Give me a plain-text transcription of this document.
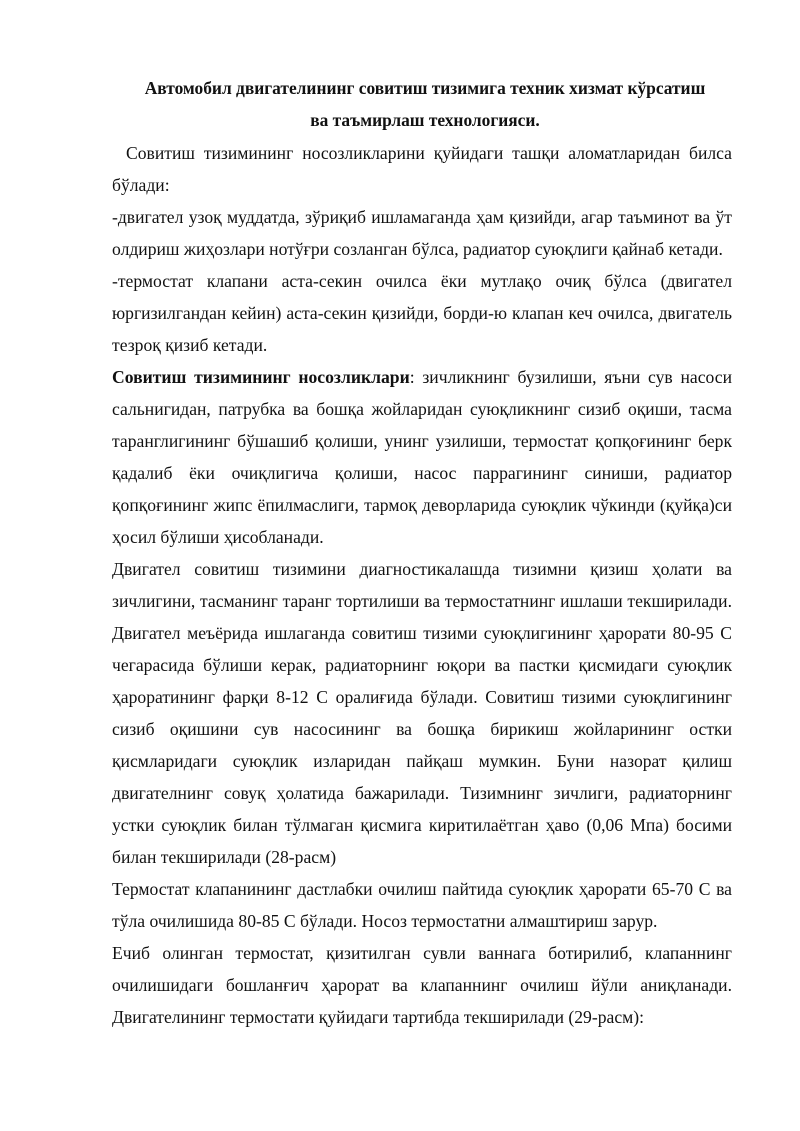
Автомобил двигателининг совитиш тизимига техник хизмат кўрсатиш
ва таъмирлаш технологияси.

Совитиш тизимининг носозликларини қуйидаги ташқи аломатларидан билса бўлади:

-двигател узоқ муддатда, зўриқиб ишламаганда ҳам қизийди, агар таъминот ва ўт олдириш жиҳозлари нотўғри созланган бўлса, радиатор суюқлиги қайнаб кетади.

-термостат клапани аста-секин очилса ёки мутлақо очиқ бўлса (двигател юргизилгандан кейин) аста-секин қизийди, борди-ю клапан кеч очилса, двигатель тезроқ қизиб кетади.

Совитиш тизимининг носозликлари: зичликнинг бузилиши, яъни сув насоси сальнигидан, патрубка ва бошқа жойларидан суюқликнинг сизиб оқиши, тасма таранглигининг бўшашиб қолиши, унинг узилиши, термостат қопқоғининг берк қадалиб ёки очиқлигича қолиши, насос паррагининг синиши, радиатор қопқоғининг жипс ёпилмаслиги, тармоқ деворларида суюқлик чўкинди (қуйқа)си ҳосил бўлиши ҳисобланади.

Двигател совитиш тизимини диагностикалашда тизимни қизиш ҳолати ва зичлигини, тасманинг таранг тортилиши ва термостатнинг ишлаши текширилади. Двигател меъёрида ишлаганда совитиш тизими суюқлигининг ҳарорати 80-95 С чегарасида бўлиши керак, радиаторнинг юқори ва пастки қисмидаги суюқлик ҳароратининг фарқи 8-12 С оралиғида бўлади. Совитиш тизими суюқлигининг сизиб оқишини сув насосининг ва бошқа бирикиш жойларининг остки қисмларидаги суюқлик изларидан пайқаш мумкин. Буни назорат қилиш двигателнинг совуқ ҳолатида бажарилади. Тизимнинг зичлиги, радиаторнинг устки суюқлик билан тўлмаган қисмига киритилаётган ҳаво (0,06 Мпа) босими билан текширилади (28-расм)

Термостат клапанининг дастлабки очилиш пайтида суюқлик ҳарорати 65-70 С ва тўла очилишида 80-85 С бўлади. Носоз термостатни алмаштириш зарур.

Ечиб олинган термостат, қизитилган сувли ваннага ботирилиб, клапаннинг очилишидаги бошланғич ҳарорат ва клапаннинг очилиш йўли аниқланади. Двигателининг термостати қуйидаги тартибда текширилади (29-расм):
